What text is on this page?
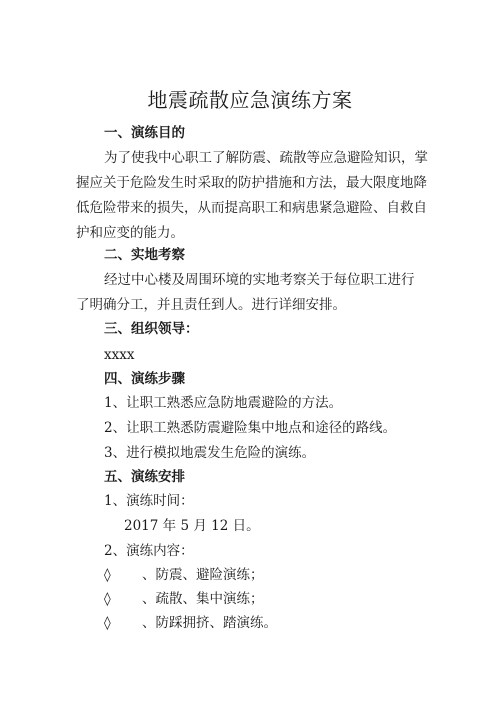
地震疏散应急演练方案
一、演练目的
为了使我中心职工了解防震、疏散等应急避险知识，掌
握应关于危险发生时采取的防护措施和方法，最大限度地降
低危险带来的损失，从而提高职工和病患紧急避险、自救自
护和应变的能力。
二、实地考察
经过中心楼及周围环境的实地考察关于每位职工进行
了明确分工，并且责任到人。进行详细安排。
三、组织领导：
xxxx
四、演练步骤
1、让职工熟悉应急防地震避险的方法。
2、让职工熟悉防震避险集中地点和途径的路线。
3、进行模拟地震发生危险的演练。
五、演练安排
1、演练时间：
2017 年 5 月 12 日。
2、演练内容：
◊ 、防震、避险演练；
◊ 、疏散、集中演练；
◊ 、防踩拥挤、踏演练。
